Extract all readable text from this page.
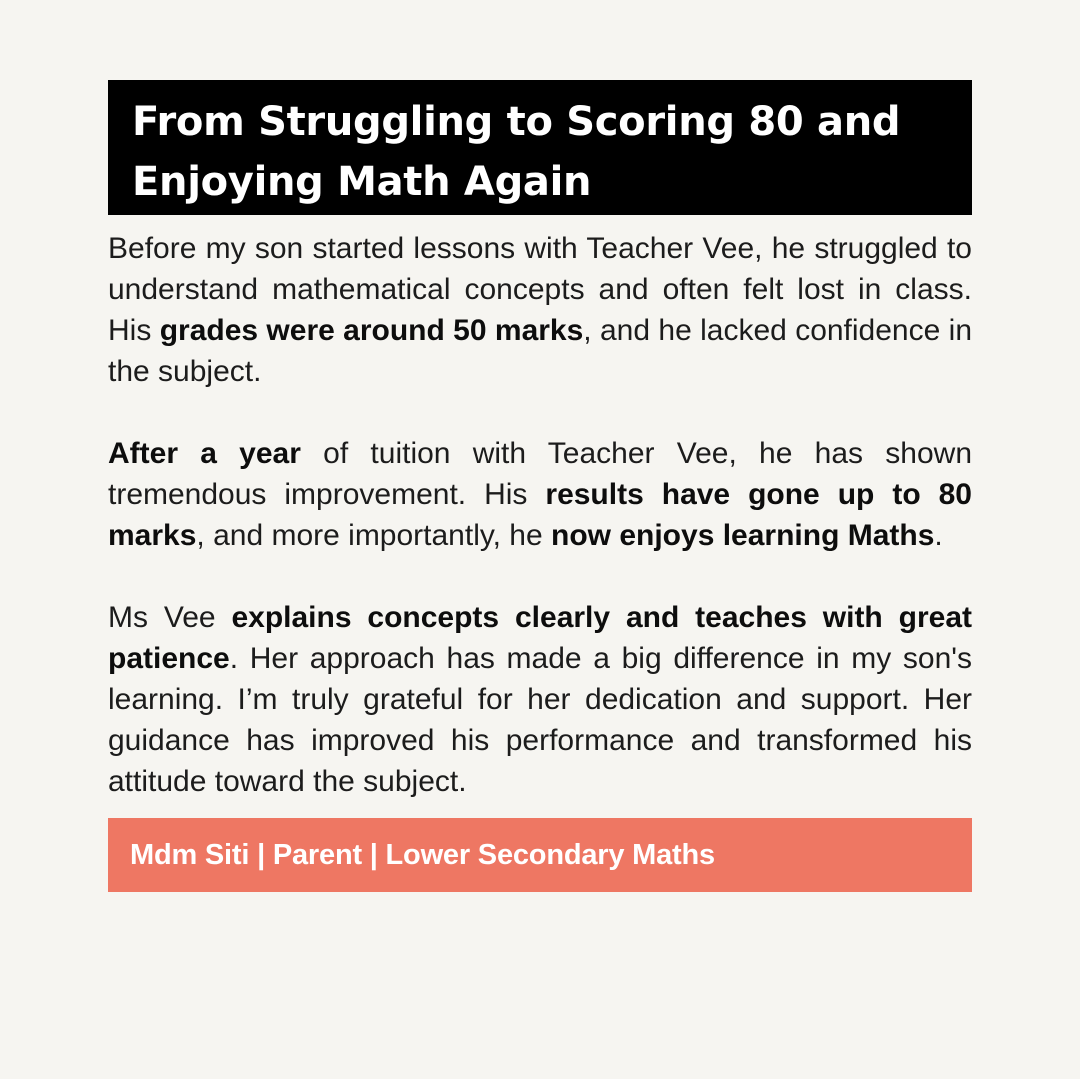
From Struggling to Scoring 80 and Enjoying Math Again

Before my son started lessons with Teacher Vee, he struggled to understand mathematical concepts and often felt lost in class. His grades were around 50 marks, and he lacked confidence in the subject.

After a year of tuition with Teacher Vee, he has shown tremendous improvement. His results have gone up to 80 marks, and more importantly, he now enjoys learning Maths.

Ms Vee explains concepts clearly and teaches with great patience. Her approach has made a big difference in my son's learning. I’m truly grateful for her dedication and support. Her guidance has improved his performance and transformed his attitude toward the subject.

Mdm Siti | Parent | Lower Secondary Maths
